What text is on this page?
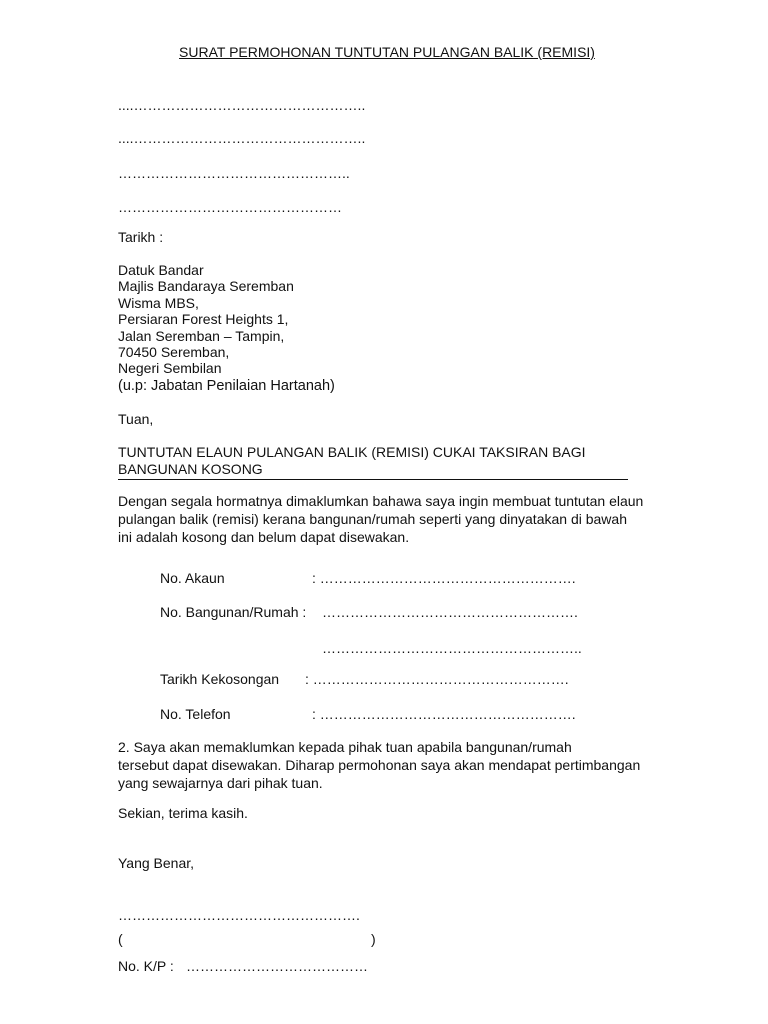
SURAT PERMOHONAN TUNTUTAN PULANGAN BALIK (REMISI)
....…………………………………………..
....…………………………………………..
…………………………………………..
…………………………………………
Tarikh :
Datuk Bandar
Majlis Bandaraya Seremban
Wisma MBS,
Persiaran Forest Heights 1,
Jalan Seremban – Tampin,
70450 Seremban,
Negeri Sembilan
(u.p: Jabatan Penilaian Hartanah)
Tuan,
TUNTUTAN ELAUN PULANGAN BALIK (REMISI) CUKAI TAKSIRAN BAGI
BANGUNAN KOSONG

Dengan segala hormatnya dimaklumkan bahawa saya ingin membuat tuntutan elaun

pulangan balik (remisi) kerana bangunan/rumah seperti yang dinyatakan di bawah

ini adalah kosong dan belum dapat disewakan.

No. Akaun	: ……………………………………………….
No. Bangunan/Rumah : ……………………………………………….
………………………………………………..
Tarikh Kekosongan : ……………………………………………….
No. Telefon	: ……………………………………………….

2. Saya akan memaklumkan kepada pihak tuan apabila bangunan/rumah

tersebut dapat disewakan. Diharap permohonan saya akan mendapat pertimbangan

yang sewajarnya dari pihak tuan.

Sekian, terima kasih.
Yang Benar,
…………………………………………….
(	)
No. K/P : …………………………………
